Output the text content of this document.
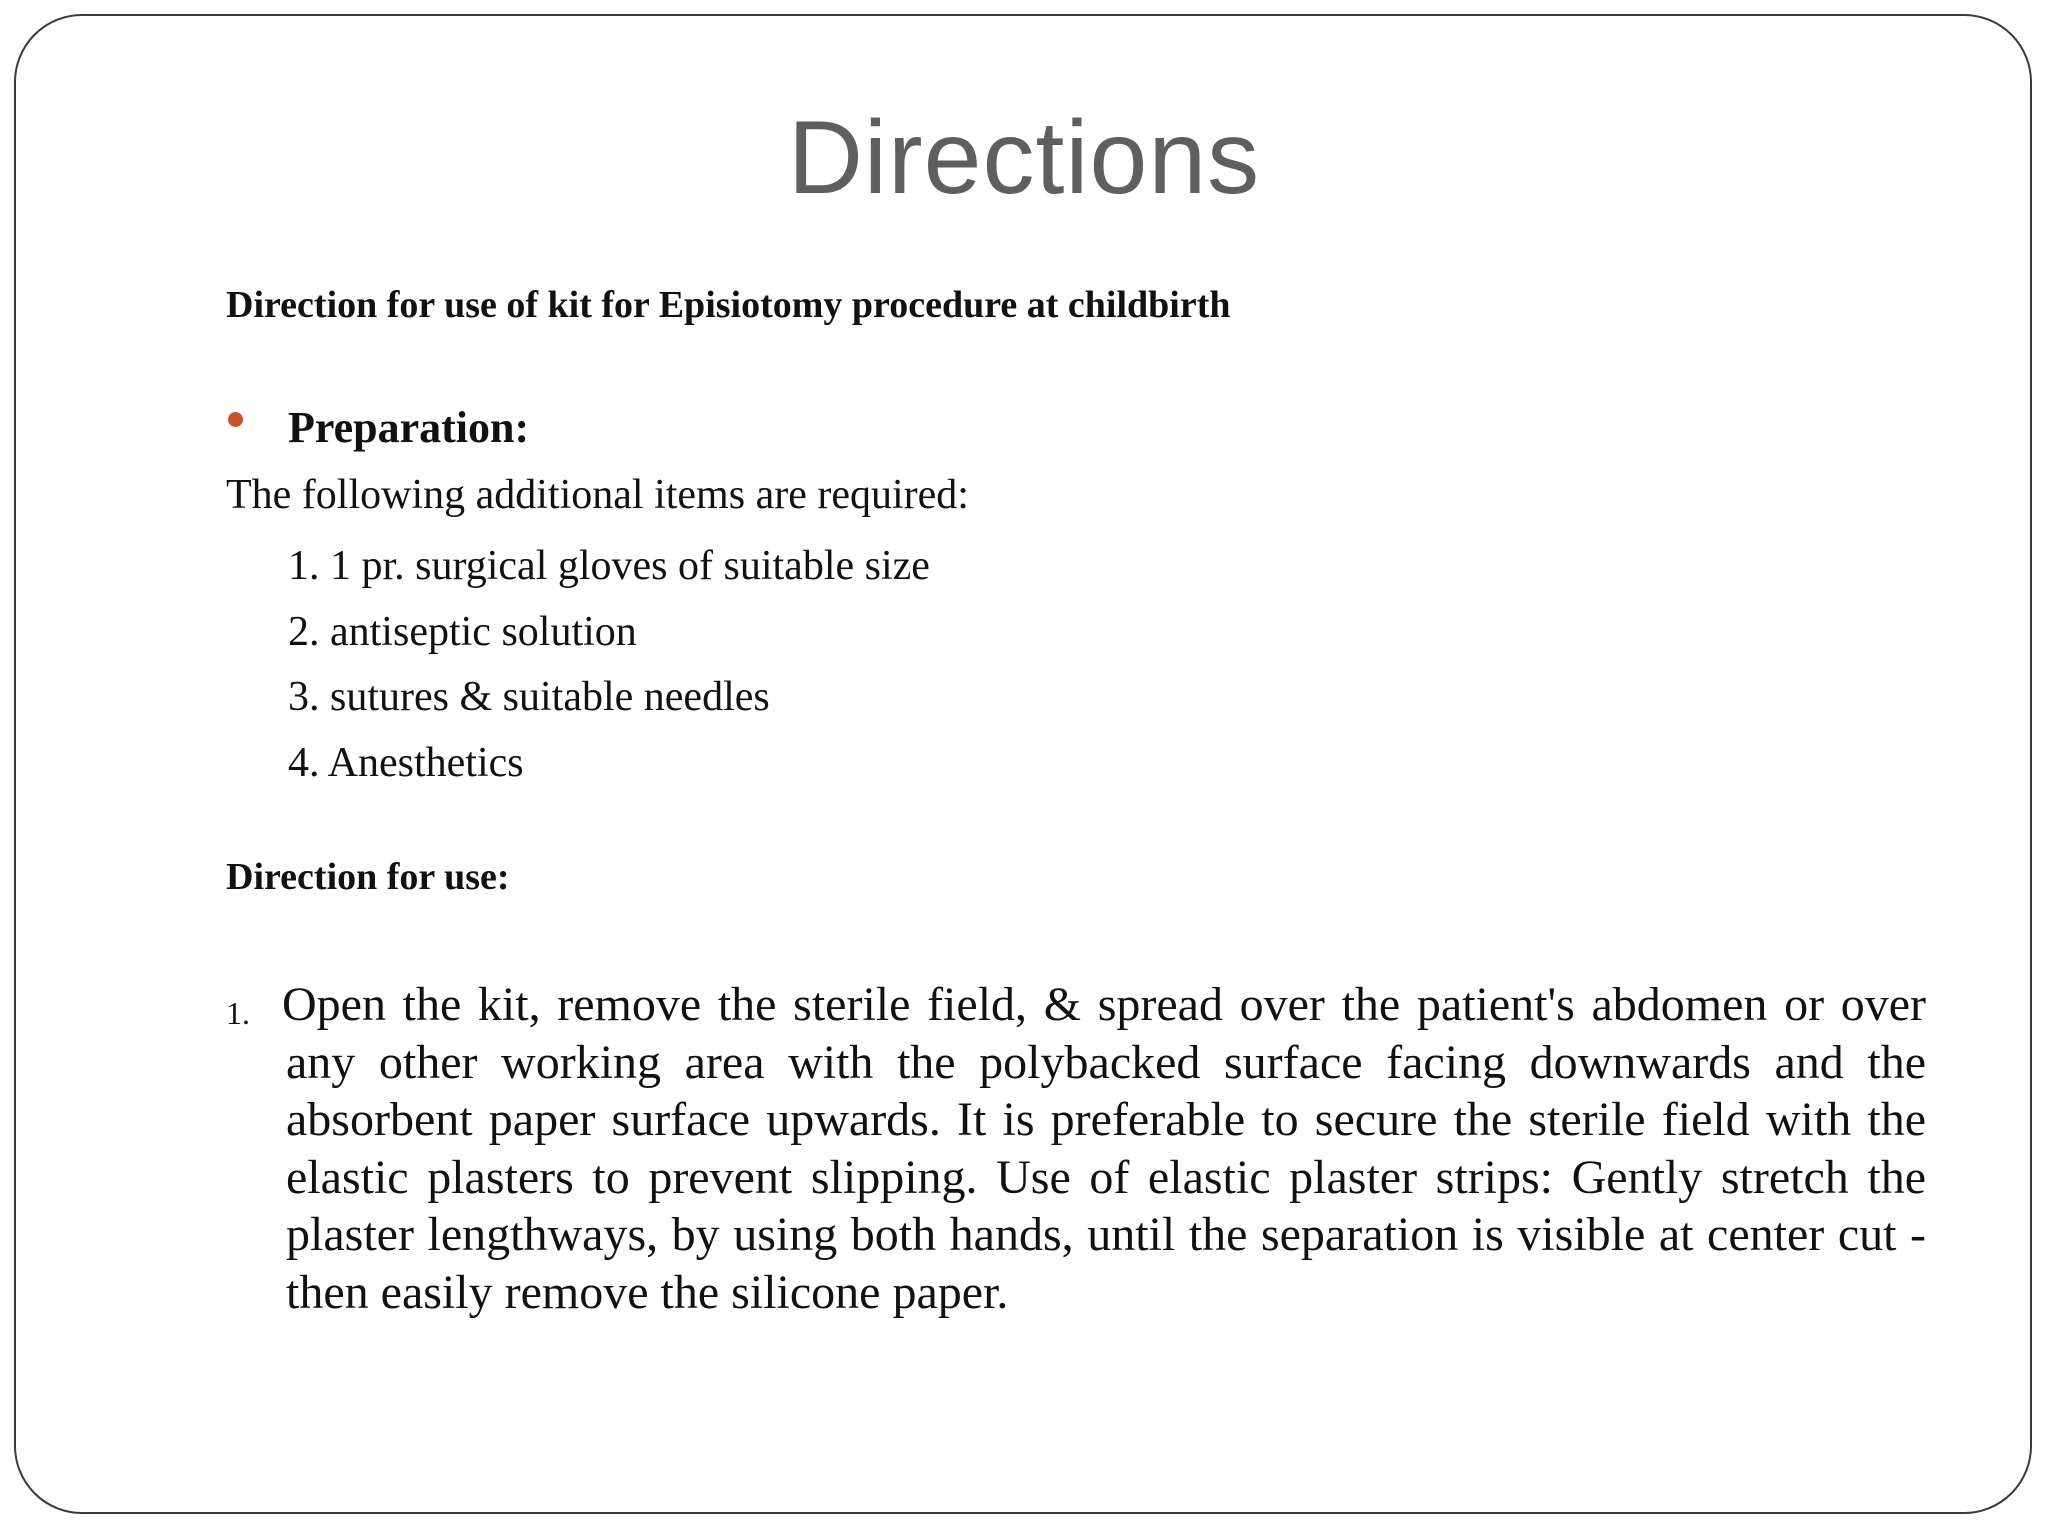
Directions
Direction for use of kit for Episiotomy procedure at childbirth
Preparation:
The following additional items are required:
1. 1 pr. surgical gloves of suitable size
2. antiseptic solution
3. sutures & suitable needles
4. Anesthetics
Direction for use:
1. Open the kit, remove the sterile field, & spread over the patient's abdomen or over any other working area with the polybacked surface facing downwards and the absorbent paper surface upwards. It is preferable to secure the sterile field with the elastic plasters to prevent slipping. Use of elastic plaster strips: Gently stretch the plaster lengthways, by using both hands, until the separation is visible at center cut - then easily remove the silicone paper.
